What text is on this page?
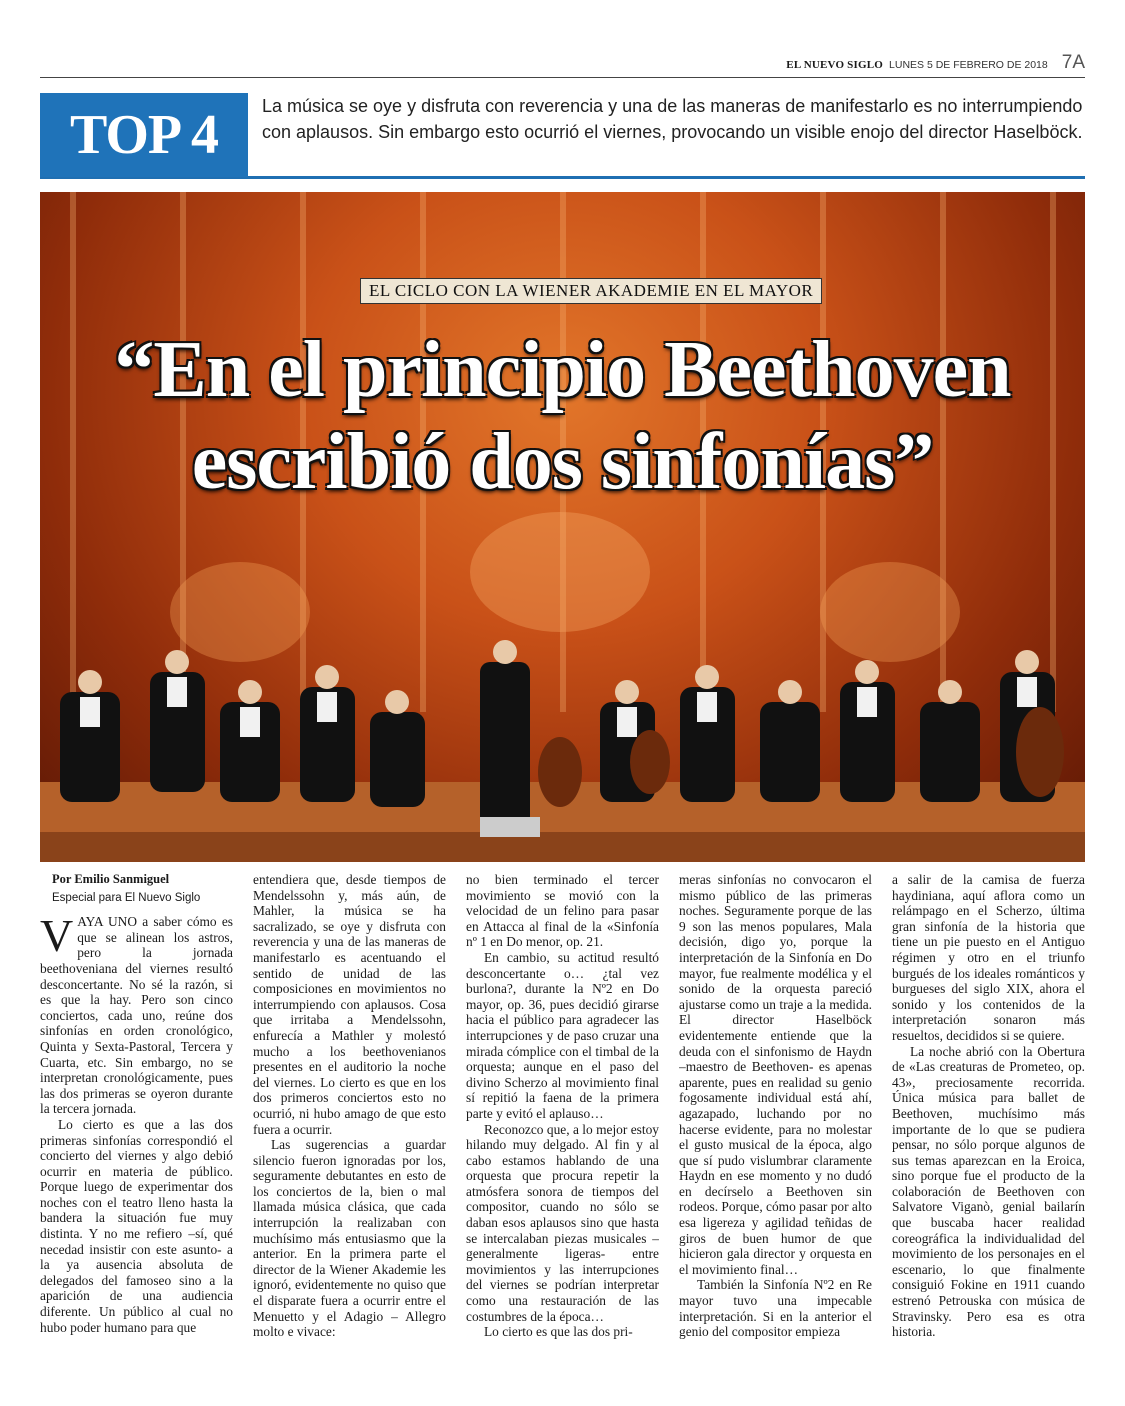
EL NUEVO SIGLO LUNES 5 DE FEBRERO DE 2018 7A
TOP 4	La música se oye y disfruta con reverencia y una de las maneras de manifestarlo es no interrumpiendo con aplausos. Sin embargo esto ocurrió el viernes, provocando un visible enojo del director Haselböck.
EL CICLO CON LA WIENER AKADEMIE EN EL MAYOR
“En el principio Beethoven
escribió dos sinfonías”
Por Emilio Sanmiguel
Especial para El Nuevo Siglo

VAYA UNO a saber cómo es que se alinean los astros, pero la jornada beethoveniana del viernes resultó desconcertante. No sé la razón, si es que la hay. Pero son cinco conciertos, cada uno, reúne dos sinfonías en orden cronológico, Quinta y Sexta-Pastoral, Tercera y Cuarta, etc. Sin embargo, no se interpretan cronológicamente, pues las dos primeras se oyeron durante la tercera jornada.

Lo cierto es que a las dos primeras sinfonías correspondió el concierto del viernes y algo debió ocurrir en materia de público. Porque luego de experimentar dos noches con el teatro lleno hasta la bandera la situación fue muy distinta. Y no me refiero –sí, qué necedad insistir con este asunto- a la ya ausencia absoluta de delegados del famoseo sino a la aparición de una audiencia diferente. Un público al cual no hubo poder humano para que

entendiera que, desde tiempos de Mendelssohn y, más aún, de Mahler, la música se ha sacralizado, se oye y disfruta con reverencia y una de las maneras de manifestarlo es acentuando el sentido de unidad de las composiciones en movimientos no interrumpiendo con aplausos. Cosa que irritaba a Mendelssohn, enfurecía a Mathler y molestó mucho a los beethovenianos presentes en el auditorio la noche del viernes. Lo cierto es que en los dos primeros conciertos esto no ocurrió, ni hubo amago de que esto fuera a ocurrir.

Las sugerencias a guardar silencio fueron ignoradas por los, seguramente debutantes en esto de los conciertos de la, bien o mal llamada música clásica, que cada interrupción la realizaban con muchísimo más entusiasmo que la anterior. En la primera parte el director de la Wiener Akademie les ignoró, evidentemente no quiso que el disparate fuera a ocurrir entre el Menuetto y el Adagio – Allegro molto e vivace:

no bien terminado el tercer movimiento se movió con la velocidad de un felino para pasar en Attacca al final de la «Sinfonía nº 1 en Do menor, op. 21.

En cambio, su actitud resultó desconcertante o… ¿tal vez burlona?, durante la Nº2 en Do mayor, op. 36, pues decidió girarse hacia el público para agradecer las interrupciones y de paso cruzar una mirada cómplice con el timbal de la orquesta; aunque en el paso del divino Scherzo al movimiento final sí repitió la faena de la primera parte y evitó el aplauso…

Reconozco que, a lo mejor estoy hilando muy delgado. Al fin y al cabo estamos hablando de una orquesta que procura repetir la atmósfera sonora de tiempos del compositor, cuando no sólo se daban esos aplausos sino que hasta se intercalaban piezas musicales –generalmente ligeras- entre movimientos y las interrupciones del viernes se podrían interpretar como una restauración de las costumbres de la época…

Lo cierto es que las dos pri-

meras sinfonías no convocaron el mismo público de las primeras noches. Seguramente porque de las 9 son las menos populares, Mala decisión, digo yo, porque la interpretación de la Sinfonía en Do mayor, fue realmente modélica y el sonido de la orquesta pareció ajustarse como un traje a la medida. El director Haselböck evidentemente entiende que la deuda con el sinfonismo de Haydn –maestro de Beethoven- es apenas aparente, pues en realidad su genio fogosamente individual está ahí, agazapado, luchando por no hacerse evidente, para no molestar el gusto musical de la época, algo que sí pudo vislumbrar claramente Haydn en ese momento y no dudó en decírselo a Beethoven sin rodeos. Porque, cómo pasar por alto esa ligereza y agilidad teñidas de giros de buen humor de que hicieron gala director y orquesta en el movimiento final…

También la Sinfonía Nº2 en Re mayor tuvo una impecable interpretación. Si en la anterior el genio del compositor empieza

a salir de la camisa de fuerza haydiniana, aquí aflora como un relámpago en el Scherzo, última gran sinfonía de la historia que tiene un pie puesto en el Antiguo régimen y otro en el triunfo burgués de los ideales románticos y burgueses del siglo XIX, ahora el sonido y los contenidos de la interpretación sonaron más resueltos, decididos si se quiere.

La noche abrió con la Obertura de «Las creaturas de Prometeo, op. 43», preciosamente recorrida. Única música para ballet de Beethoven, muchísimo más importante de lo que se pudiera pensar, no sólo porque algunos de sus temas aparezcan en la Eroica, sino porque fue el producto de la colaboración de Beethoven con Salvatore Viganò, genial bailarín que buscaba hacer realidad coreográfica la individualidad del movimiento de los personajes en el escenario, lo que finalmente consiguió Fokine en 1911 cuando estrenó Petrouska con música de Stravinsky. Pero esa es otra historia.
